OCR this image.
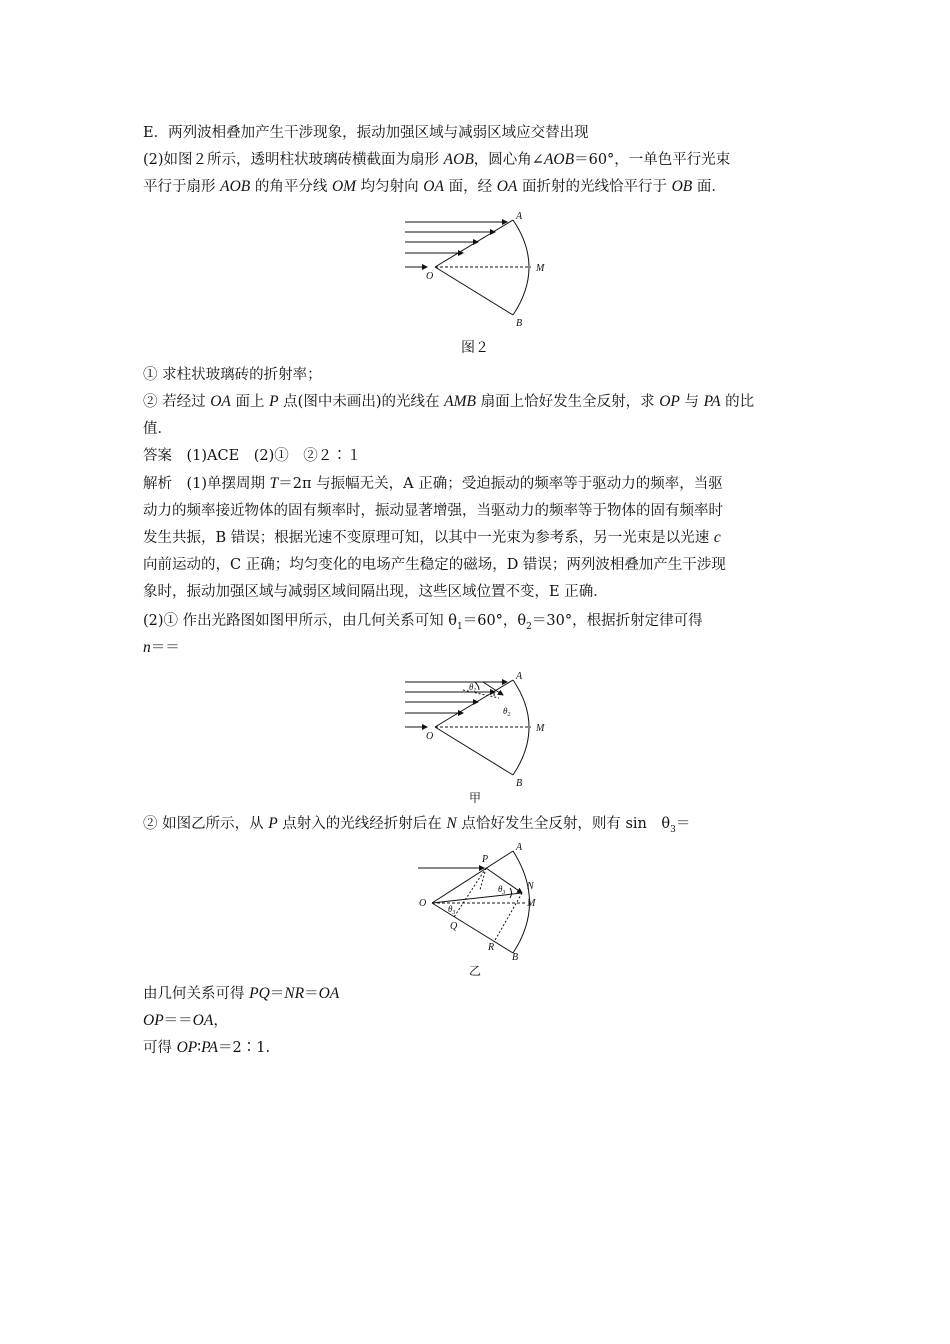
E．两列波相叠加产生干涉现象，振动加强区域与减弱区域应交替出现
(2)如图２所示，透明柱状玻璃砖横截面为扇形 AOB，圆心角∠AOB＝60°，一单色平行光束
平行于扇形 AOB 的角平分线 OM 均匀射向 OA 面，经 OA 面折射的光线恰平行于 OB 面．
A
O
M
B
图２
① 求柱状玻璃砖的折射率；
② 若经过 OA 面上 P 点(图中未画出)的光线在 AMB 扇面上恰好发生全反射，求 OP 与 PA 的比
值．
答案　(1)ACE　(2)①　②２∶１
解析　(1)单摆周期 T＝2π 与振幅无关，A 正确；受迫振动的频率等于驱动力的频率，当驱
动力的频率接近物体的固有频率时，振动显著增强，当驱动力的频率等于物体的固有频率时
发生共振，B 错误；根据光速不变原理可知，以其中一光束为参考系，另一光束是以光速 c
向前运动的，C 正确；均匀变化的电场产生稳定的磁场，D 错误；两列波相叠加产生干涉现
象时，振动加强区域与减弱区域间隔出现，这些区域位置不变，E 正确．
(2)① 作出光路图如图甲所示，由几何关系可知 $\theta_1=60^\circ$，$\theta_2=30^\circ$，根据折射定律可得
n＝＝
A
O
M
B
$\theta_1$
$\theta_2$
甲
② 如图乙所示，从 P 点射入的光线经折射后在 N 点恰好发生全反射，则有 sin　$\theta_3=$
A
P
N
M
O
Q
R
B
$\theta_3$
$\theta_3$
乙
由几何关系可得 PQ＝NR＝OA
OP＝＝OA，
可得 OP∶PA＝2∶1.
